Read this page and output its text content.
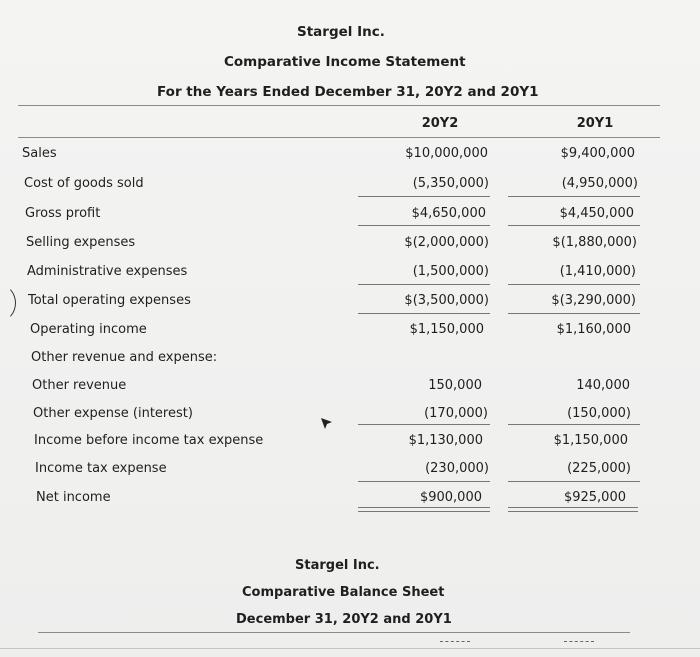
Stargel Inc.
Comparative Income Statement
For the Years Ended December 31, 20Y2 and 20Y1
20Y2	20Y1
Sales
Cost of goods sold
Gross profit
Selling expenses
Administrative expenses
Total operating expenses
Operating income
Other revenue and expense:
Other revenue
Other expense (interest)
Income before income tax expense
Income tax expense
Net income
$10,000,000
(5,350,000)
$4,650,000
$(2,000,000)
(1,500,000)
$(3,500,000)
$1,150,000
150,000
(170,000)
$1,130,000
(230,000)
$900,000
$9,400,000
(4,950,000)
$4,450,000
$(1,880,000)
(1,410,000)
$(3,290,000)
$1,160,000
140,000
(150,000)
$1,150,000
(225,000)
$925,000
Stargel Inc.
Comparative Balance Sheet
December 31, 20Y2 and 20Y1
